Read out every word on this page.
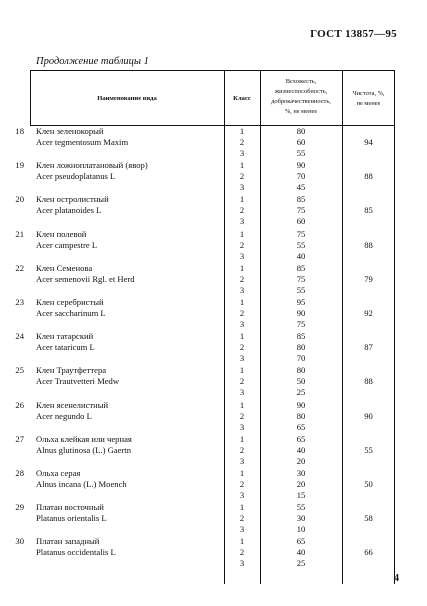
ГОСТ 13857—95
Продолжение таблицы 1
Наименование вида	Класс
Всхожесть,
жизнеспособность,
доброкачественность,
%, не менее
Чистота, %,
не менее
18 Клен зеленокорый
Acer tegmentosum Maxim
1
2
3
80
60
55
94
19 Клен ложноплатановый (явор)
Acer pseudoplatanus L
1
2
3
90
70
45
88
20 Клен остролистный
Acer platanoides L
1
2
3
85
75
60
85
21 Клен полевой
Acer campestre L
1
2
3
75
55
40
88
22 Клен Семенова
Acer semenovii Rgl. et Herd
1
2
3
85
75
55
79
23 Клен серебристый
Acer saccharinum L
1
2
3
95
90
75
92
24 Клен татарский
Acer tataricum L
1
2
3
85
80
70
87
25 Клен Траутфеттера
Acer Trautvetteri Medw
1
2
3
80
50
25
88
26 Клен ясенелистный
Acer negundo L
1
2
3
90
80
65
90
27 Ольха клейкая или черная
Alnus glutinosa (L.) Gaertn
1
2
3
65
40
20
55
28 Ольха серая
Alnus incana (L.) Moench
1
2
3
30
20
15
50
29 Платан восточный
Platanus orientalis L
1
2
3
55
30
10
58
30 Платан западный
Platanus occidentalis L
1
2
3
65
40
25
66
4
